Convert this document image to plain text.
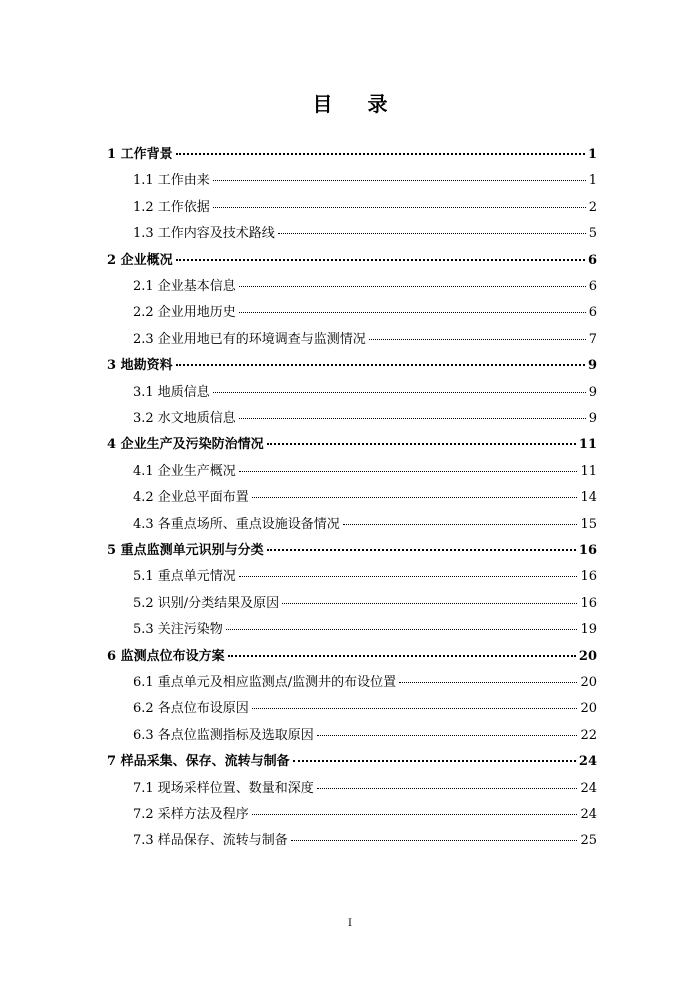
目 录
1 工作背景	1
1.1 工作由来	1
1.2 工作依据	2
1.3 工作内容及技术路线	5
2 企业概况	6
2.1 企业基本信息	6
2.2 企业用地历史	6
2.3 企业用地已有的环境调查与监测情况	7
3 地勘资料	9
3.1 地质信息	9
3.2 水文地质信息	9
4 企业生产及污染防治情况	11
4.1 企业生产概况	11
4.2 企业总平面布置	14
4.3 各重点场所、重点设施设备情况	15
5 重点监测单元识别与分类	16
5.1 重点单元情况	16
5.2 识别/分类结果及原因	16
5.3 关注污染物	19
6 监测点位布设方案	20
6.1 重点单元及相应监测点/监测井的布设位置	20
6.2 各点位布设原因	20
6.3 各点位监测指标及选取原因	22
7 样品采集、保存、流转与制备	24
7.1 现场采样位置、数量和深度	24
7.2 采样方法及程序	24
7.3 样品保存、流转与制备	25
I
